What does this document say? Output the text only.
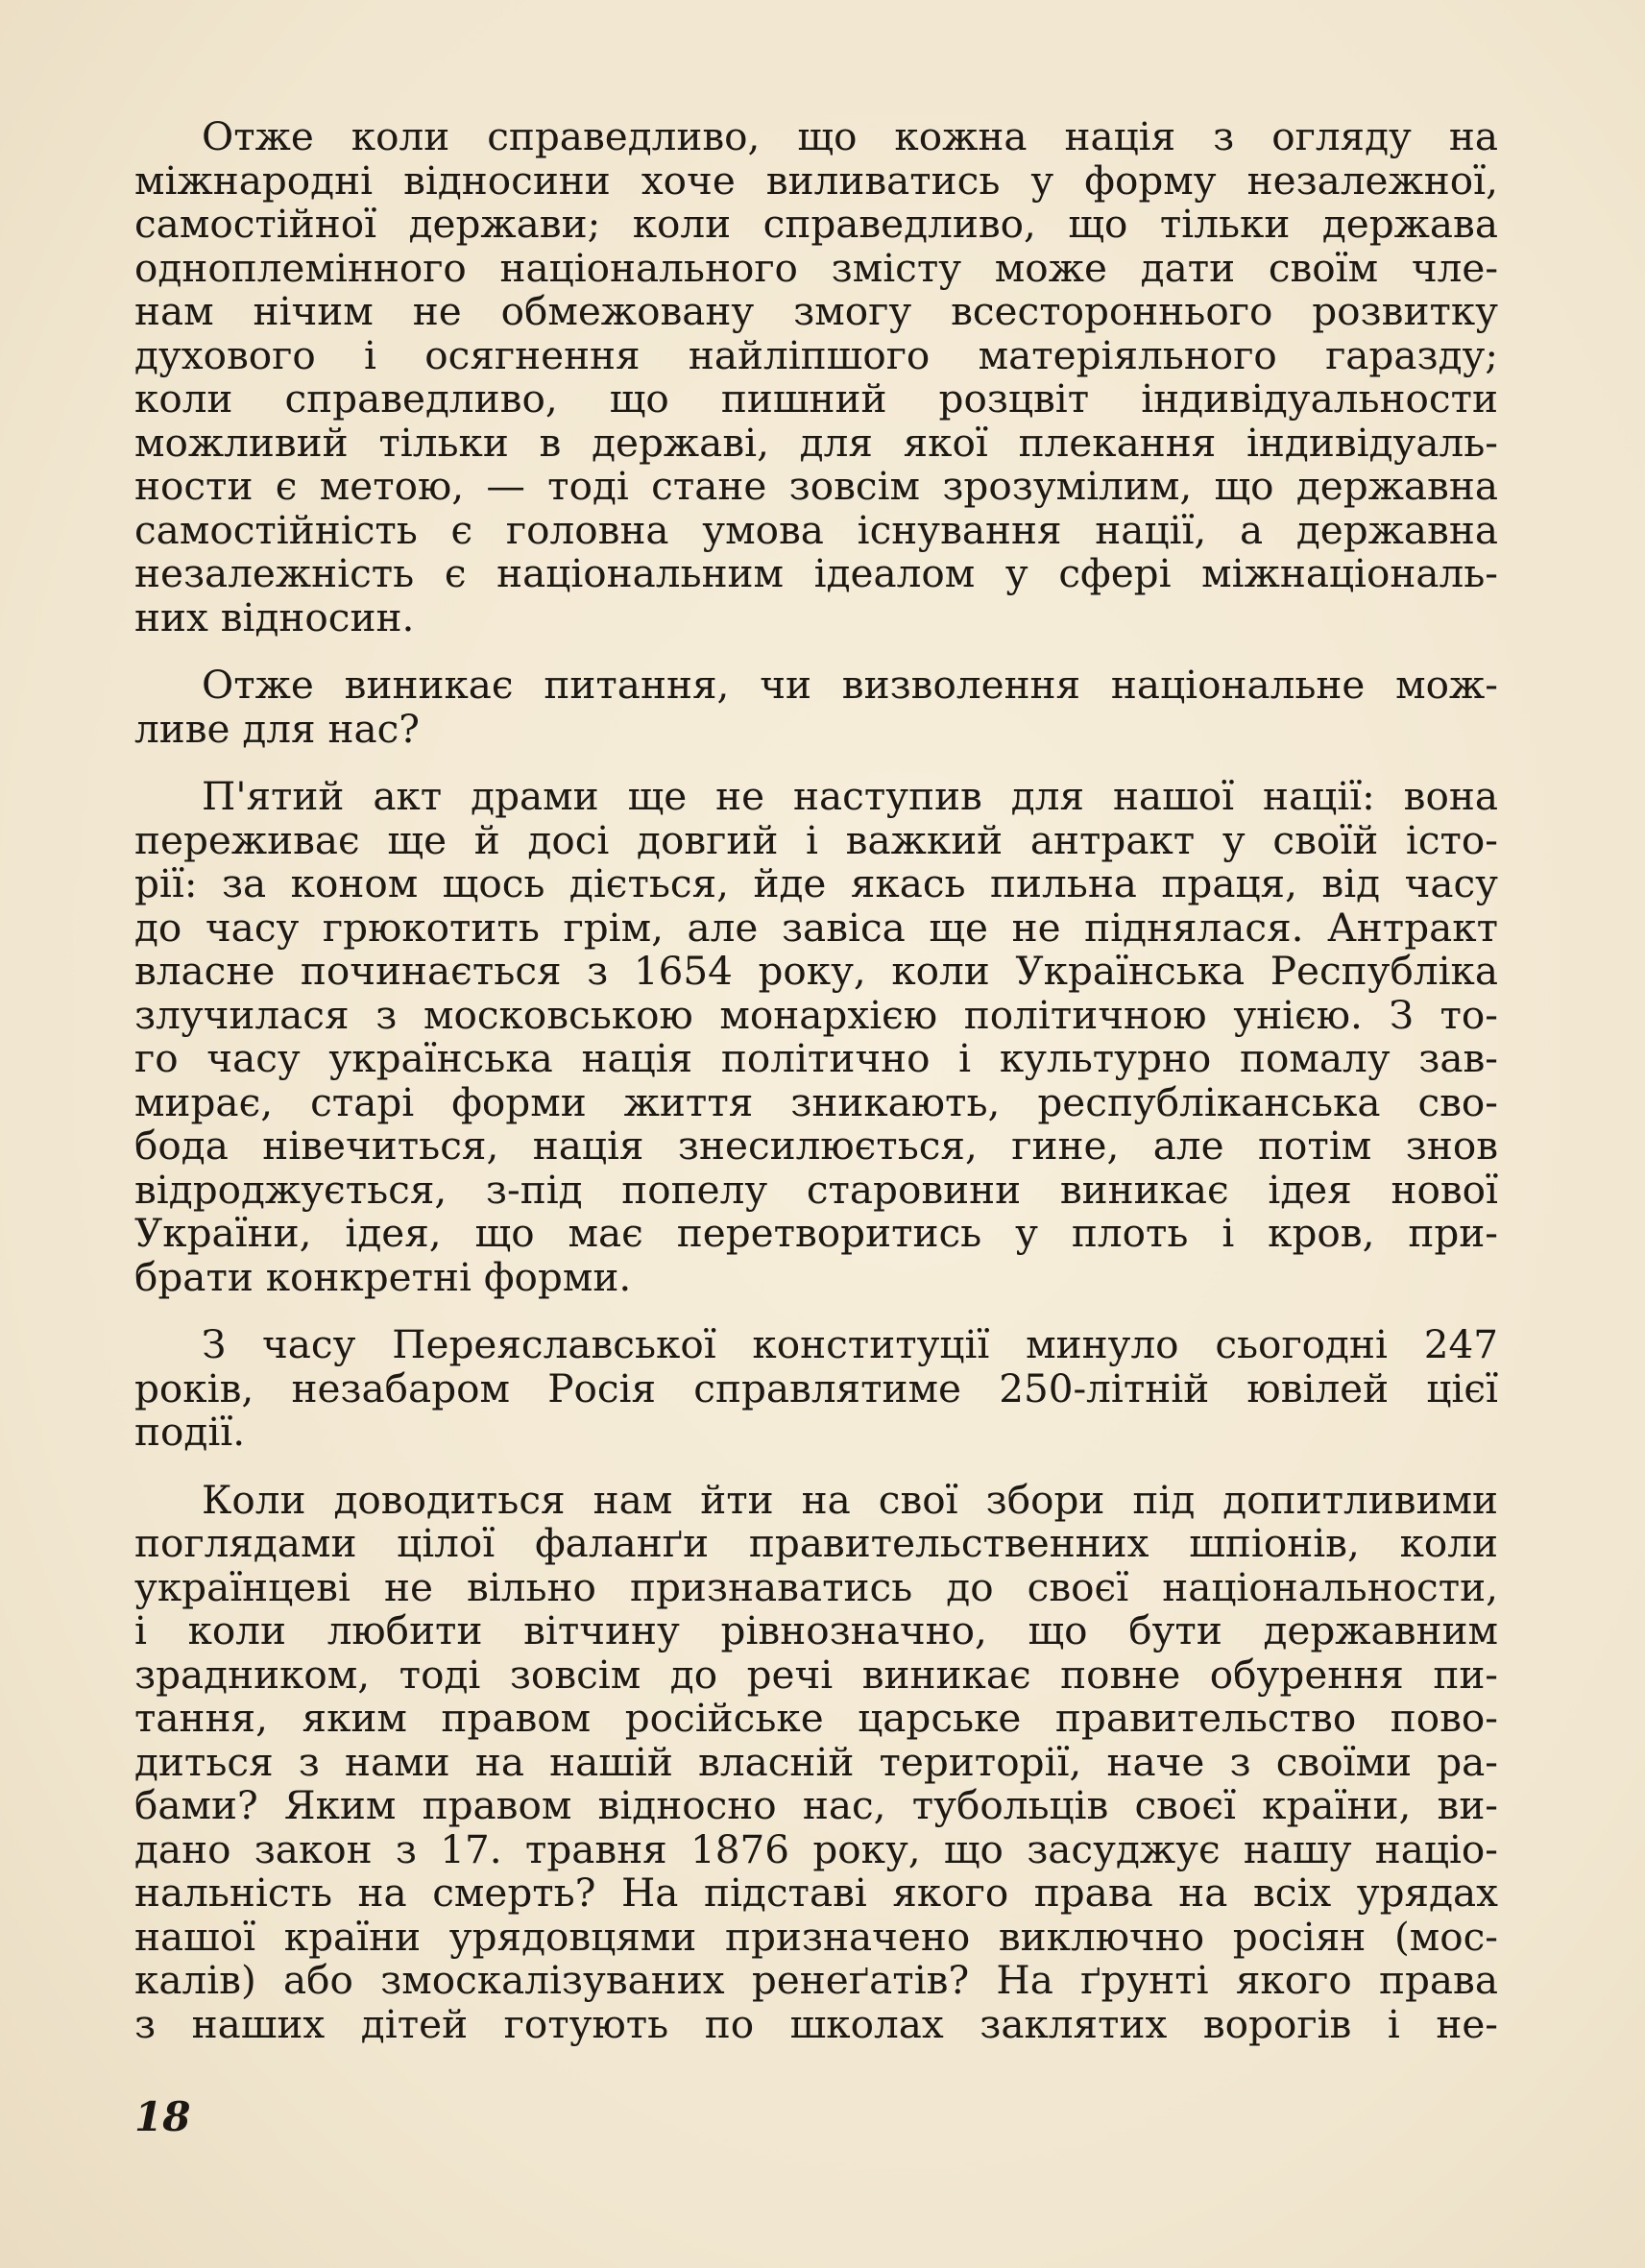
Отже коли справедливо, що кожна нація з огляду на
міжнародні відносини хоче виливатись у форму незалежної,
самостійної держави; коли справедливо, що тільки держава
одноплемінного національного змісту може дати своїм чле-
нам нічим не обмежовану змогу всестороннього розвитку
духового і осягнення найліпшого матеріяльного гаразду;
коли справедливо, що пишний розцвіт індивідуальности
можливий тільки в державі, для якої плекання індивідуаль-
ности є метою, — тоді стане зовсім зрозумілим, що державна
самостійність є головна умова існування нації, а державна
незалежність є національним ідеалом у сфері міжнаціональ-
них відносин.
Отже виникає питання, чи визволення національне мож-
ливе для нас?
П'ятий акт драми ще не наступив для нашої нації: вона
переживає ще й досі довгий і важкий антракт у своїй істо-
рії: за коном щось діється, йде якась пильна праця, від часу
до часу грюкотить грім, але завіса ще не піднялася. Антракт
власне починається з 1654 року, коли Українська Республіка
злучилася з московською монархією політичною унією. З то-
го часу українська нація політично і культурно помалу зав-
мирає, старі форми життя зникають, республіканська сво-
бода нівечиться, нація знесилюється, гине, але потім знов
відроджується, з-під попелу старовини виникає ідея нової
України, ідея, що має перетворитись у плоть і кров, при-
брати конкретні форми.
З часу Переяславської конституції минуло сьогодні 247
років, незабаром Росія справлятиме 250-літній ювілей цієї
події.
Коли доводиться нам йти на свої збори під допитливими
поглядами цілої фаланґи правительственних шпіонів, коли
українцеві не вільно признаватись до своєї національности,
і коли любити вітчину рівнозначно, що бути державним
зрадником, тоді зовсім до речі виникає повне обурення пи-
тання, яким правом російське царське правительство пово-
диться з нами на нашій власній території, наче з своїми ра-
бами? Яким правом відносно нас, тубольців своєї країни, ви-
дано закон з 17. травня 1876 року, що засуджує нашу націо-
нальність на смерть? На підставі якого права на всіх урядах
нашої країни урядовцями призначено виключно росіян (мос-
калів) або змоскалізуваних ренеґатів? На ґрунті якого права
з наших дітей готують по школах заклятих ворогів і не-
18
